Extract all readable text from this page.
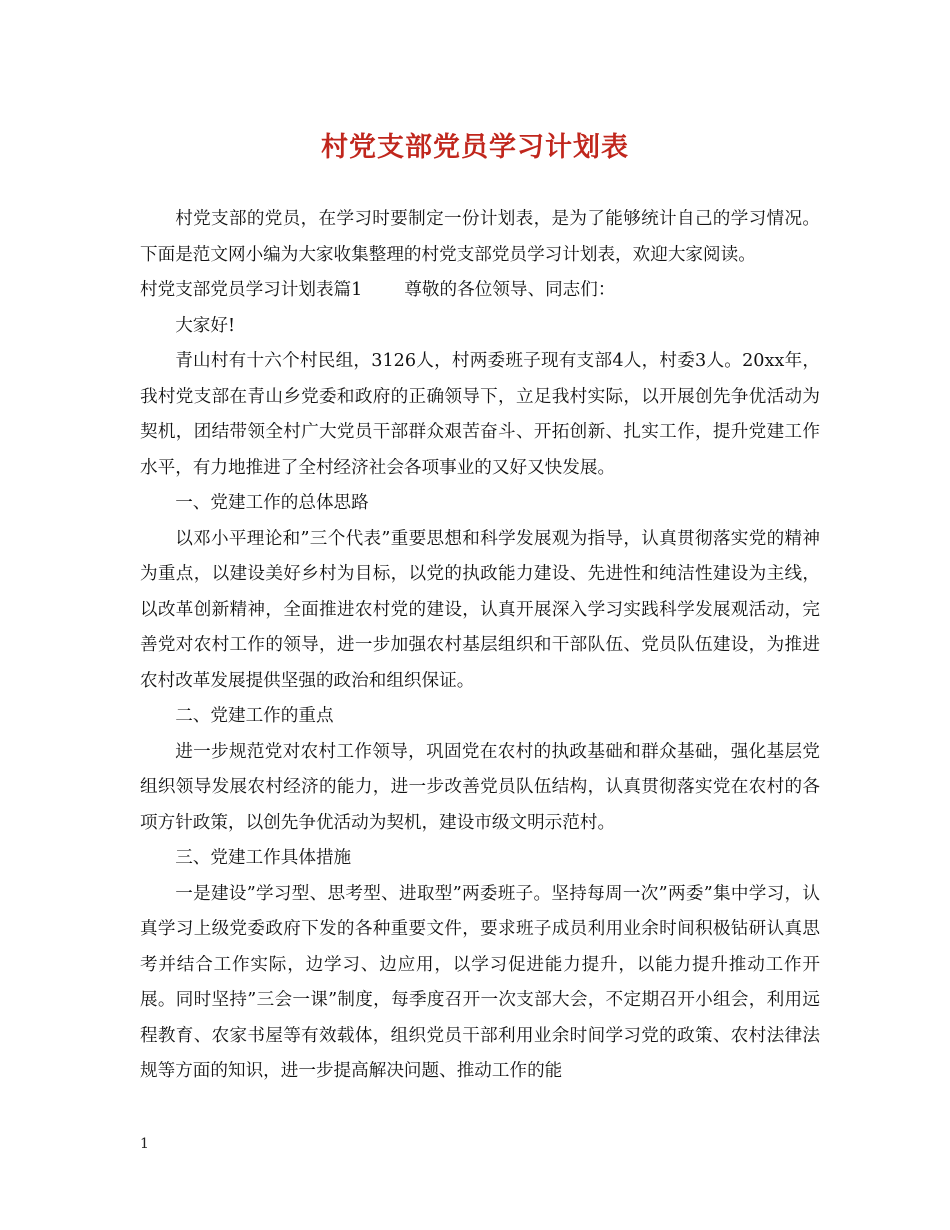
村党支部党员学习计划表

村党支部的党员，在学习时要制定一份计划表，是为了能够统计自己的学习情况。下面是范文网小编为大家收集整理的村党支部党员学习计划表，欢迎大家阅读。

村党支部党员学习计划表篇1 尊敬的各位领导、同志们：

大家好!

青山村有十六个村民组，3126人，村两委班子现有支部4人，村委3人。20xx年，我村党支部在青山乡党委和政府的正确领导下，立足我村实际，以开展创先争优活动为契机，团结带领全村广大党员干部群众艰苦奋斗、开拓创新、扎实工作，提升党建工作水平，有力地推进了全村经济社会各项事业的又好又快发展。

一、党建工作的总体思路

以邓小平理论和”三个代表”重要思想和科学发展观为指导，认真贯彻落实党的精神为重点，以建设美好乡村为目标，以党的执政能力建设、先进性和纯洁性建设为主线，以改革创新精神，全面推进农村党的建设，认真开展深入学习实践科学发展观活动，完善党对农村工作的领导，进一步加强农村基层组织和干部队伍、党员队伍建设，为推进农村改革发展提供坚强的政治和组织保证。

二、党建工作的重点

进一步规范党对农村工作领导，巩固党在农村的执政基础和群众基础，强化基层党组织领导发展农村经济的能力，进一步改善党员队伍结构，认真贯彻落实党在农村的各项方针政策，以创先争优活动为契机，建设市级文明示范村。

三、党建工作具体措施

一是建设”学习型、思考型、进取型”两委班子。坚持每周一次”两委”集中学习，认真学习上级党委政府下发的各种重要文件，要求班子成员利用业余时间积极钻研认真思考并结合工作实际，边学习、边应用，以学习促进能力提升，以能力提升推动工作开展。同时坚持”三会一课”制度，每季度召开一次支部大会，不定期召开小组会，利用远程教育、农家书屋等有效载体，组织党员干部利用业余时间学习党的政策、农村法律法规等方面的知识，进一步提高解决问题、推动工作的能

1
